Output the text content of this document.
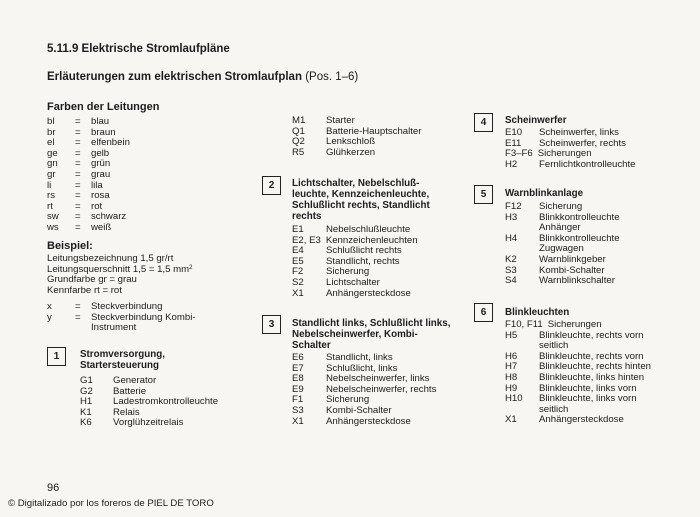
5.11.9 Elektrische Stromlaufpläne
Erläuterungen zum elektrischen Stromlaufplan (Pos. 1–6)
Farben der Leitungen
bl	=	blau
br	=	braun
el	=	elfenbein
ge	=	gelb
gn	=	grün
gr	=	grau
li	=	lila
rs	=	rosa
rt	=	rot
sw	=	schwarz
ws	=	weiß
Beispiel:
Leitungsbezeichnung 1,5 gr/rt
Leitungsquerschnitt 1,5 = 1,5 $mm^2$
Grundfarbe gr = grau
Kennfarbe rt = rot
x	=	Steckverbindung
y	=	Steckverbindung Kombi-
Instrument
1	Stromversorgung,
Startersteuerung
G1	Generator
G2	Batterie
H1	Ladestromkontrolleuchte
K1	Relais
K6	Vorglühzeitrelais
M1	Starter
Q1	Batterie-Hauptschalter
Q2	Lenkschloß
R5	Glühkerzen
2	Lichtschalter, Nebelschluß-
leuchte, Kennzeichenleuchte,
Schlußlicht rechts, Standlicht
rechts
E1	Nebelschlußleuchte
E2, E3 Kennzeichenleuchten
E4	Schlußlicht rechts
E5	Standlicht, rechts
F2	Sicherung
S2	Lichtschalter
X1	Anhängersteckdose
3	Standlicht links, Schlußlicht links,
Nebelscheinwerfer, Kombi-
Schalter
E6	Standlicht, links
E7	Schlußlicht, links
E8	Nebelscheinwerfer, links
E9	Nebelscheinwerfer, rechts
F1	Sicherung
S3	Kombi-Schalter
X1	Anhängersteckdose
4	Scheinwerfer
E10	Scheinwerfer, links
E11	Scheinwerfer, rechts
F3–F6 Sicherungen
H2	Fernlichtkontrolleuchte
5	Warnblinkanlage
F12	Sicherung
H3	Blinkkontrolleuchte
Anhänger
H4	Blinkkontrolleuchte
Zugwagen
K2	Warnblinkgeber
S3	Kombi-Schalter
S4	Warnblinkschalter
6	Blinkleuchten
F10, F11 Sicherungen
H5	Blinkleuchte, rechts vorn
seitlich
H6	Blinkleuchte, rechts vorn
H7	Blinkleuchte, rechts hinten
H8	Blinkleuchte, links hinten
H9	Blinkleuchte, links vorn
H10	Blinkleuchte, links vorn
seitlich
X1	Anhängersteckdose
96
© Digitalizado por los foreros de PIEL DE TORO
